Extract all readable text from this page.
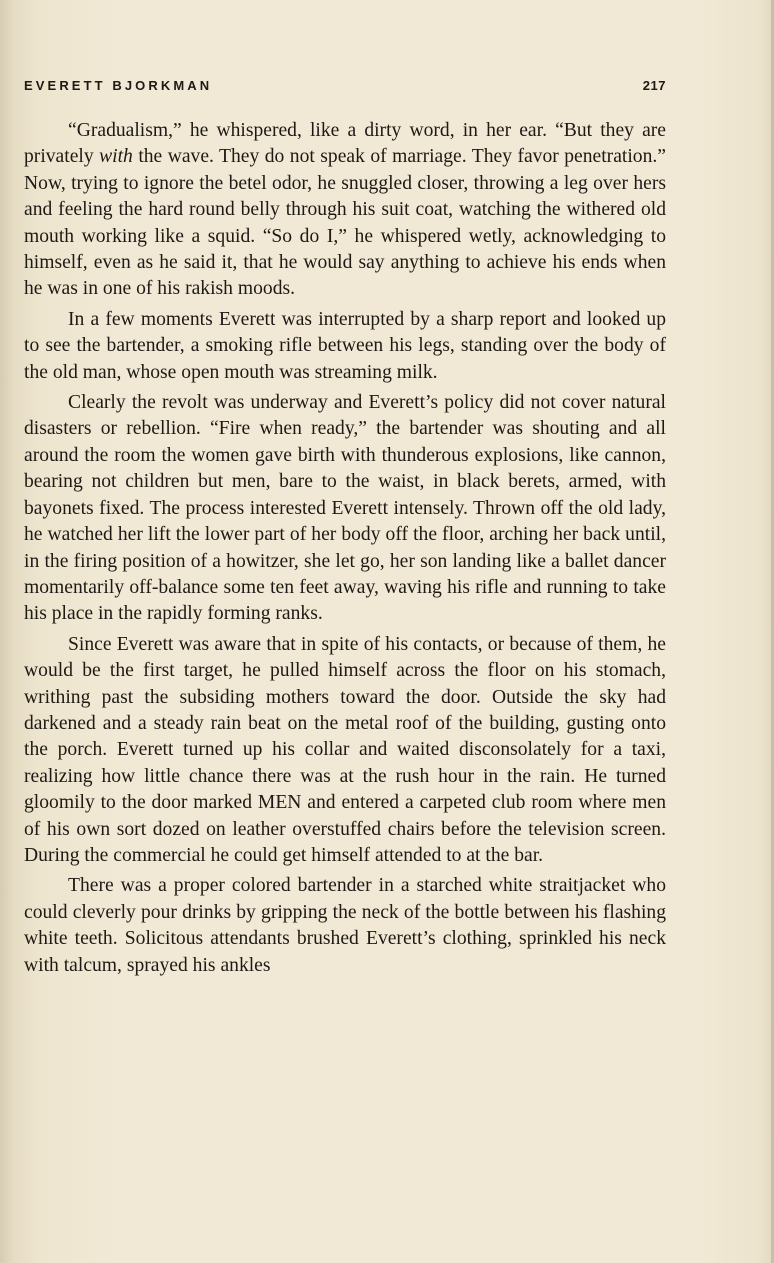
EVERETT BJORKMAN	217

“Gradualism,” he whispered, like a dirty word, in her ear. “But they are privately with the wave. They do not speak of marriage. They favor penetration.” Now, trying to ignore the betel odor, he snuggled closer, throwing a leg over hers and feeling the hard round belly through his suit coat, watching the withered old mouth working like a squid. “So do I,” he whispered wetly, acknowledging to himself, even as he said it, that he would say anything to achieve his ends when he was in one of his rakish moods.

In a few moments Everett was interrupted by a sharp report and looked up to see the bartender, a smoking rifle between his legs, standing over the body of the old man, whose open mouth was streaming milk.

Clearly the revolt was underway and Everett’s policy did not cover natural disasters or rebellion. “Fire when ready,” the bartender was shouting and all around the room the women gave birth with thunderous explosions, like cannon, bearing not children but men, bare to the waist, in black berets, armed, with bayonets fixed. The process interested Everett intensely. Thrown off the old lady, he watched her lift the lower part of her body off the floor, arching her back until, in the firing position of a howitzer, she let go, her son landing like a ballet dancer momentarily off-balance some ten feet away, waving his rifle and running to take his place in the rapidly forming ranks.

Since Everett was aware that in spite of his contacts, or because of them, he would be the first target, he pulled himself across the floor on his stomach, writhing past the subsiding mothers toward the door. Outside the sky had darkened and a steady rain beat on the metal roof of the building, gusting onto the porch. Everett turned up his collar and waited disconsolately for a taxi, realizing how little chance there was at the rush hour in the rain. He turned gloomily to the door marked MEN and entered a carpeted club room where men of his own sort dozed on leather overstuffed chairs before the television screen. During the commercial he could get himself attended to at the bar.

There was a proper colored bartender in a starched white straitjacket who could cleverly pour drinks by gripping the neck of the bottle between his flashing white teeth. Solicitous attendants brushed Everett’s clothing, sprinkled his neck with talcum, sprayed his ankles
